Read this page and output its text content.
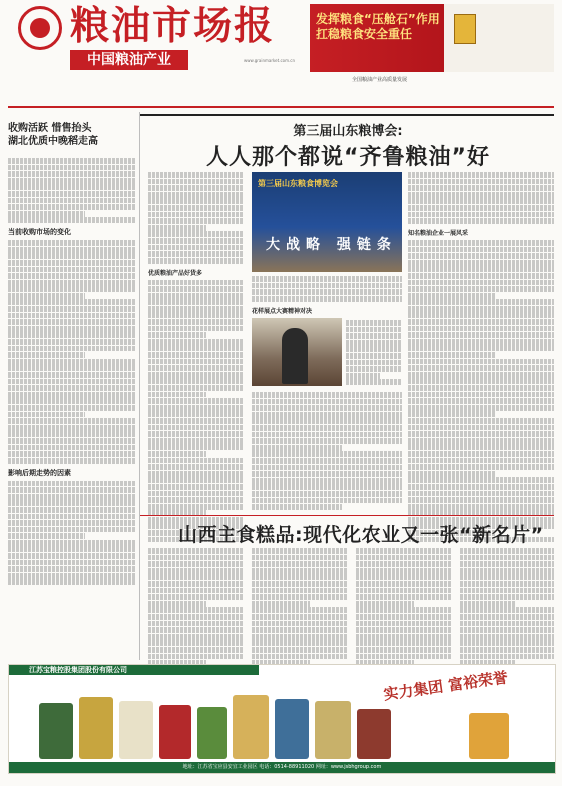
粮油市场报
中国粮油产业	www.grainmarket.com.cn
发挥粮食“压舱石”作用
扛稳粮食安全重任
全国粮油产业高质量发展
收购活跃 惜售抬头
湖北优质中晚稻走高
当前收购市场的变化
影响后期走势的因素
第三届山东粮博会:
人人那个都说“齐鲁粮油”好
优质粮油产品好货多
第三届山东粮食博览会
大战略 强链条
花样展点大赛精神对决
知名粮油企业一展风采
山西主食糕品:现代化农业又一张“新名片”
江苏宝粮控股集团股份有限公司	实力集团 富裕荣誉
地址：江苏省宝应县安宜工业园区 电话：0514-88911020 网址：www.jsbhgroup.com
